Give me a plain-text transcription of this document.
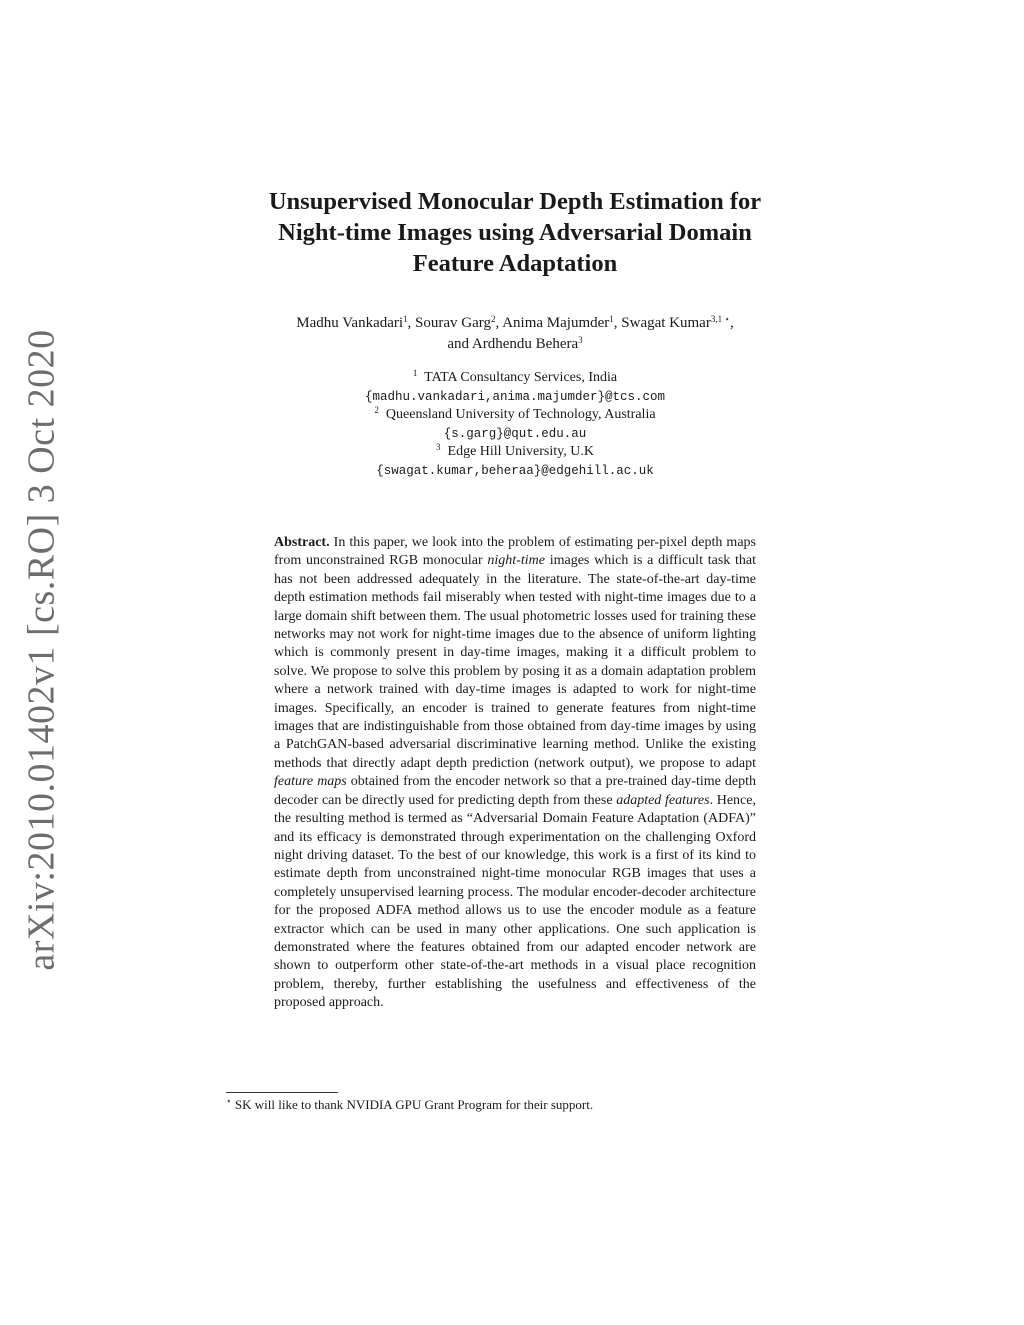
arXiv:2010.01402v1 [cs.RO] 3 Oct 2020
Unsupervised Monocular Depth Estimation for
Night-time Images using Adversarial Domain
Feature Adaptation
Madhu Vankadari$^1$, Sourav Garg$^2$, Anima Majumder$^1$, Swagat Kumar$^{3,1 ⋆}$,
and Ardhendu Behera$^3$
$^1$ TATA Consultancy Services, India
{madhu.vankadari,anima.majumder}@tcs.com
$^2$ Queensland University of Technology, Australia
{s.garg}@qut.edu.au
$^3$ Edge Hill University, U.K
{swagat.kumar,beheraa}@edgehill.ac.uk
Abstract. In this paper, we look into the problem of estimating per-pixel depth maps from unconstrained RGB monocular night-time images which is a difficult task that has not been addressed adequately in the literature. The state-of-the-art day-time depth estimation methods fail miserably when tested with night-time images due to a large domain shift between them. The usual photometric losses used for training these networks may not work for night-time images due to the absence of uniform lighting which is commonly present in day-time images, making it a difficult problem to solve. We propose to solve this problem by posing it as a domain adaptation problem where a network trained with day-time images is adapted to work for night-time images. Specifically, an encoder is trained to generate features from night-time images that are indistinguishable from those obtained from day-time images by using a PatchGAN-based adversarial discriminative learning method. Unlike the existing methods that directly adapt depth prediction (network output), we propose to adapt feature maps obtained from the encoder network so that a pre-trained day-time depth decoder can be directly used for predicting depth from these adapted features. Hence, the resulting method is termed as “Adversarial Domain Feature Adaptation (ADFA)” and its efficacy is demonstrated through experimentation on the challenging Oxford night driving dataset. To the best of our knowledge, this work is a first of its kind to estimate depth from unconstrained night-time monocular RGB images that uses a completely unsupervised learning process. The modular encoder-decoder architecture for the proposed ADFA method allows us to use the encoder module as a feature extractor which can be used in many other applications. One such application is demonstrated where the features obtained from our adapted encoder network are shown to outperform other state-of-the-art methods in a visual place recognition problem, thereby, further establishing the usefulness and effectiveness of the proposed approach.
⋆ SK will like to thank NVIDIA GPU Grant Program for their support.
